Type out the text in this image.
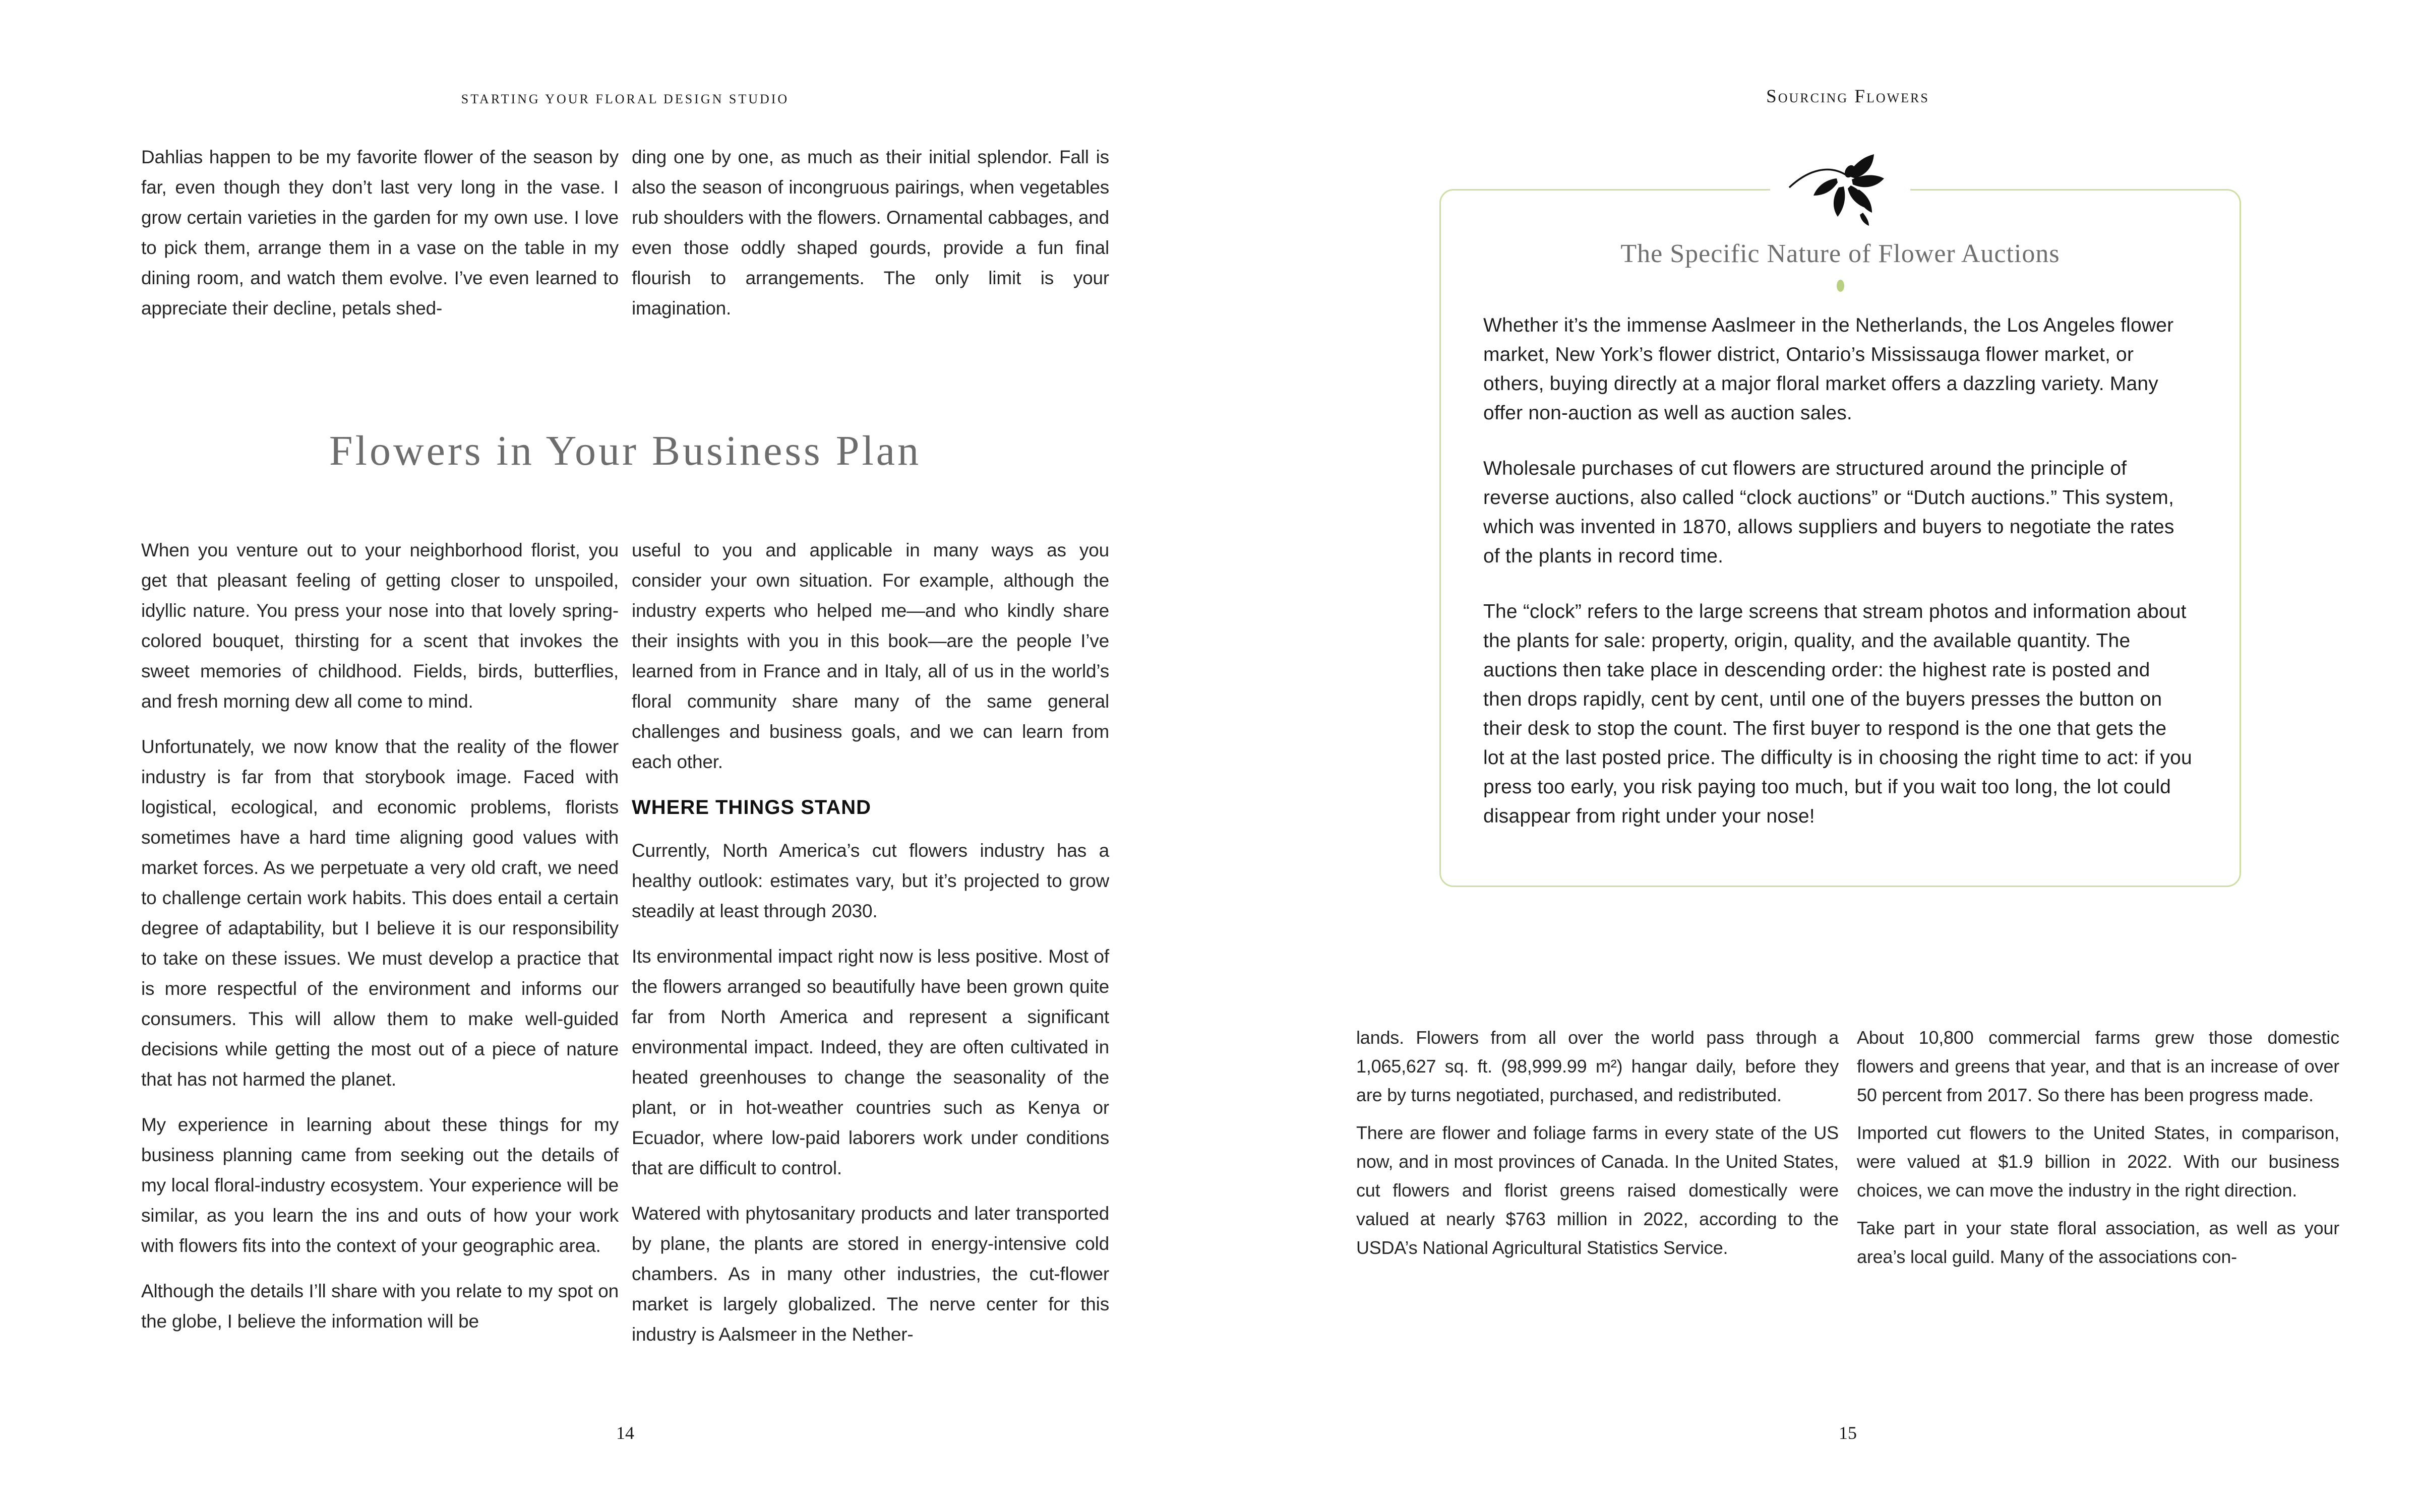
STARTING YOUR FLORAL DESIGN STUDIO

Dahlias happen to be my favorite flower of the season by far, even though they don’t last very long in the vase. I grow certain varieties in the garden for my own use. I love to pick them, arrange them in a vase on the table in my dining room, and watch them evolve. I’ve even learned to appreciate their decline, petals shed-

ding one by one, as much as their initial splendor. Fall is also the season of incongruous pairings, when vegetables rub shoulders with the flowers. Ornamental cabbages, and even those oddly shaped gourds, provide a fun final flourish to arrangements. The only limit is your imagination.

Flowers in Your Business Plan

When you venture out to your neighborhood florist, you get that pleasant feeling of getting closer to unspoiled, idyllic nature. You press your nose into that lovely spring-colored bouquet, thirsting for a scent that invokes the sweet memories of childhood. Fields, birds, butterflies, and fresh morning dew all come to mind.

Unfortunately, we now know that the reality of the flower industry is far from that storybook image. Faced with logistical, ecological, and economic problems, florists sometimes have a hard time aligning good values with market forces. As we perpetuate a very old craft, we need to challenge certain work habits. This does entail a certain degree of adaptability, but I believe it is our responsibility to take on these issues. We must develop a practice that is more respectful of the environment and informs our consumers. This will allow them to make well-guided decisions while getting the most out of a piece of nature that has not harmed the planet.

My experience in learning about these things for my business planning came from seeking out the details of my local floral-industry ecosystem. Your experience will be similar, as you learn the ins and outs of how your work with flowers fits into the context of your geographic area.

Although the details I’ll share with you relate to my spot on the globe, I believe the information will be

useful to you and applicable in many ways as you consider your own situation. For example, although the industry experts who helped me—and who kindly share their insights with you in this book—are the people I’ve learned from in France and in Italy, all of us in the world’s floral community share many of the same general challenges and business goals, and we can learn from each other.

WHERE THINGS STAND

Currently, North America’s cut flowers industry has a healthy outlook: estimates vary, but it’s projected to grow steadily at least through 2030.

Its environmental impact right now is less positive. Most of the flowers arranged so beautifully have been grown quite far from North America and represent a significant environmental impact. Indeed, they are often cultivated in heated greenhouses to change the seasonality of the plant, or in hot-weather countries such as Kenya or Ecuador, where low-paid laborers work under conditions that are difficult to control.

Watered with phytosanitary products and later transported by plane, the plants are stored in energy-intensive cold chambers. As in many other industries, the cut-flower market is largely globalized. The nerve center for this industry is Aalsmeer in the Nether-

14
Sourcing Flowers
The Specific Nature of Flower Auctions

Whether it’s the immense Aaslmeer in the Netherlands, the Los Angeles flower market, New York’s flower district, Ontario’s Mississauga flower market, or others, buying directly at a major floral market offers a dazzling variety. Many offer non-auction as well as auction sales.

Wholesale purchases of cut flowers are structured around the principle of reverse auctions, also called “clock auctions” or “Dutch auctions.” This system, which was invented in 1870, allows suppliers and buyers to negotiate the rates of the plants in record time.

The “clock” refers to the large screens that stream photos and information about the plants for sale: property, origin, quality, and the available quantity. The auctions then take place in descending order: the highest rate is posted and then drops rapidly, cent by cent, until one of the buyers presses the button on their desk to stop the count. The first buyer to respond is the one that gets the lot at the last posted price. The difficulty is in choosing the right time to act: if you press too early, you risk paying too much, but if you wait too long, the lot could disappear from right under your nose!

lands. Flowers from all over the world pass through a 1,065,627 sq. ft. (98,999.99 m²) hangar daily, before they are by turns negotiated, purchased, and redistributed.

There are flower and foliage farms in every state of the US now, and in most provinces of Canada. In the United States, cut flowers and florist greens raised domestically were valued at nearly $763 million in 2022, according to the USDA’s National Agricultural Statistics Service.

About 10,800 commercial farms grew those domestic flowers and greens that year, and that is an increase of over 50 percent from 2017. So there has been progress made.

Imported cut flowers to the United States, in comparison, were valued at $1.9 billion in 2022. With our business choices, we can move the industry in the right direction.

Take part in your state floral association, as well as your area’s local guild. Many of the associations con-

15
